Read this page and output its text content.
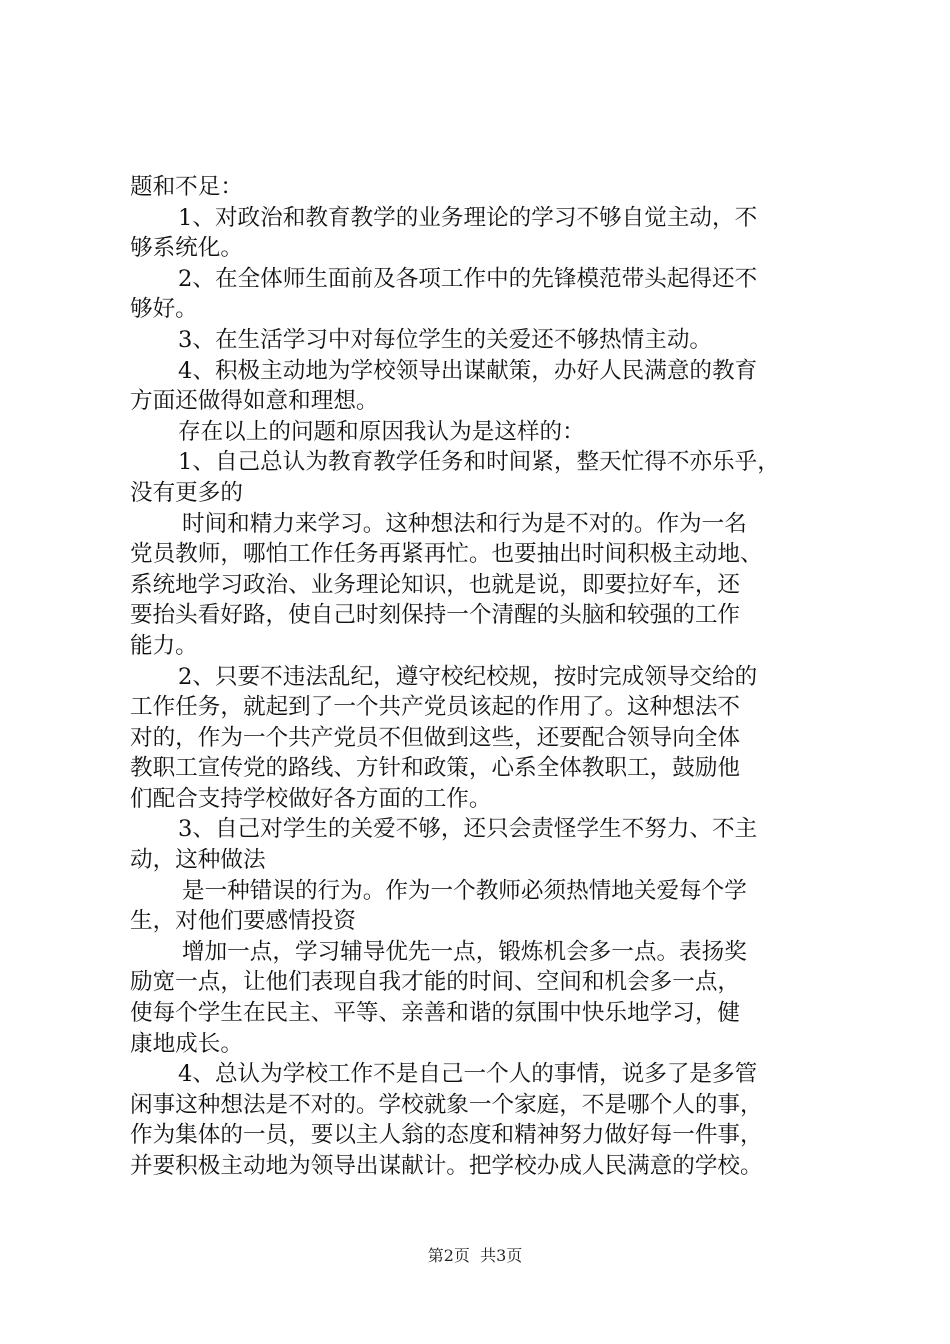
题和不足：

1、对政治和教育教学的业务理论的学习不够自觉主动，不

够系统化。

2、在全体师生面前及各项工作中的先锋模范带头起得还不

够好。

3、在生活学习中对每位学生的关爱还不够热情主动。

4、积极主动地为学校领导出谋献策，办好人民满意的教育

方面还做得如意和理想。

存在以上的问题和原因我认为是这样的：

1、自己总认为教育教学任务和时间紧，整天忙得不亦乐乎，

没有更多的

时间和精力来学习。这种想法和行为是不对的。作为一名

党员教师，哪怕工作任务再紧再忙。也要抽出时间积极主动地、

系统地学习政治、业务理论知识，也就是说，即要拉好车，还

要抬头看好路，使自己时刻保持一个清醒的头脑和较强的工作

能力。

2、只要不违法乱纪，遵守校纪校规，按时完成领导交给的

工作任务，就起到了一个共产党员该起的作用了。这种想法不

对的，作为一个共产党员不但做到这些，还要配合领导向全体

教职工宣传党的路线、方针和政策，心系全体教职工，鼓励他

们配合支持学校做好各方面的工作。

3、自己对学生的关爱不够，还只会责怪学生不努力、不主

动，这种做法

是一种错误的行为。作为一个教师必须热情地关爱每个学

生，对他们要感情投资

增加一点，学习辅导优先一点，锻炼机会多一点。表扬奖

励宽一点，让他们表现自我才能的时间、空间和机会多一点，

使每个学生在民主、平等、亲善和谐的氛围中快乐地学习，健

康地成长。

4、总认为学校工作不是自己一个人的事情，说多了是多管

闲事这种想法是不对的。学校就象一个家庭，不是哪个人的事，

作为集体的一员，要以主人翁的态度和精神努力做好每一件事，

并要积极主动地为领导出谋献计。把学校办成人民满意的学校。

第2页 共3页
